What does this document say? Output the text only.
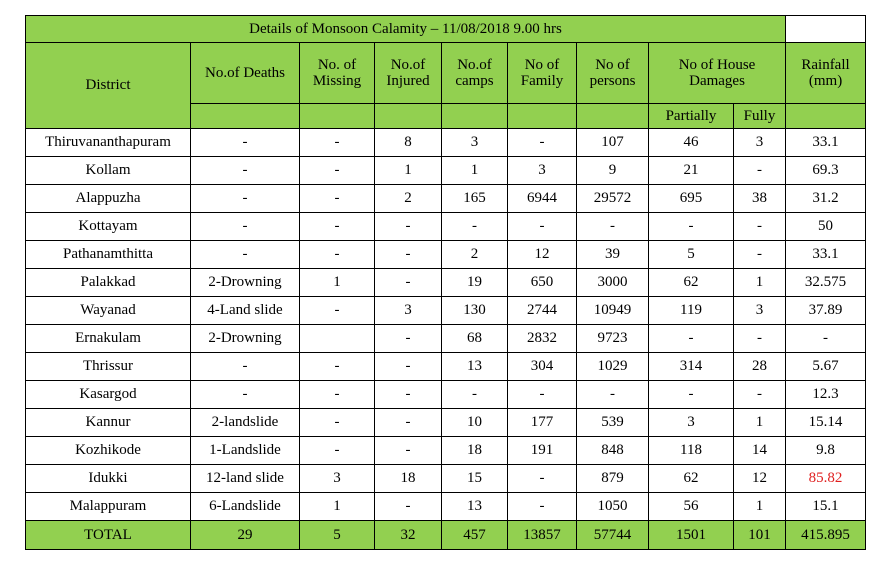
Details of Monsoon Calamity – 11/08/2018 9.00 hrs									
District	No.of Deaths	No. of Missing	No.of Injured	No.of camps	No of Family	No of persons	No of House Damages		Rainfall (mm)
							Partially	Fully	
Thiruvananthapuram	-	-	8	3	-	107	46	3	33.1
Kollam	-	-	1	1	3	9	21	-	69.3
Alappuzha	-	-	2	165	6944	29572	695	38	31.2
Kottayam	-	-	-	-	-	-	-	-	50
Pathanamthitta	-	-	-	2	12	39	5	-	33.1
Palakkad	2-Drowning	1	-	19	650	3000	62	1	32.575
Wayanad	4-Land slide	-	3	130	2744	10949	119	3	37.89
Ernakulam	2-Drowning		-	68	2832	9723	-	-	-
Thrissur	-	-	-	13	304	1029	314	28	5.67
Kasargod	-	-	-	-	-	-	-	-	12.3
Kannur	2-landslide	-	-	10	177	539	3	1	15.14
Kozhikode	1-Landslide	-	-	18	191	848	118	14	9.8
Idukki	12-land slide	3	18	15	-	879	62	12	85.82
Malappuram	6-Landslide	1	-	13	-	1050	56	1	15.1
TOTAL	29	5	32	457	13857	57744	1501	101	415.895
